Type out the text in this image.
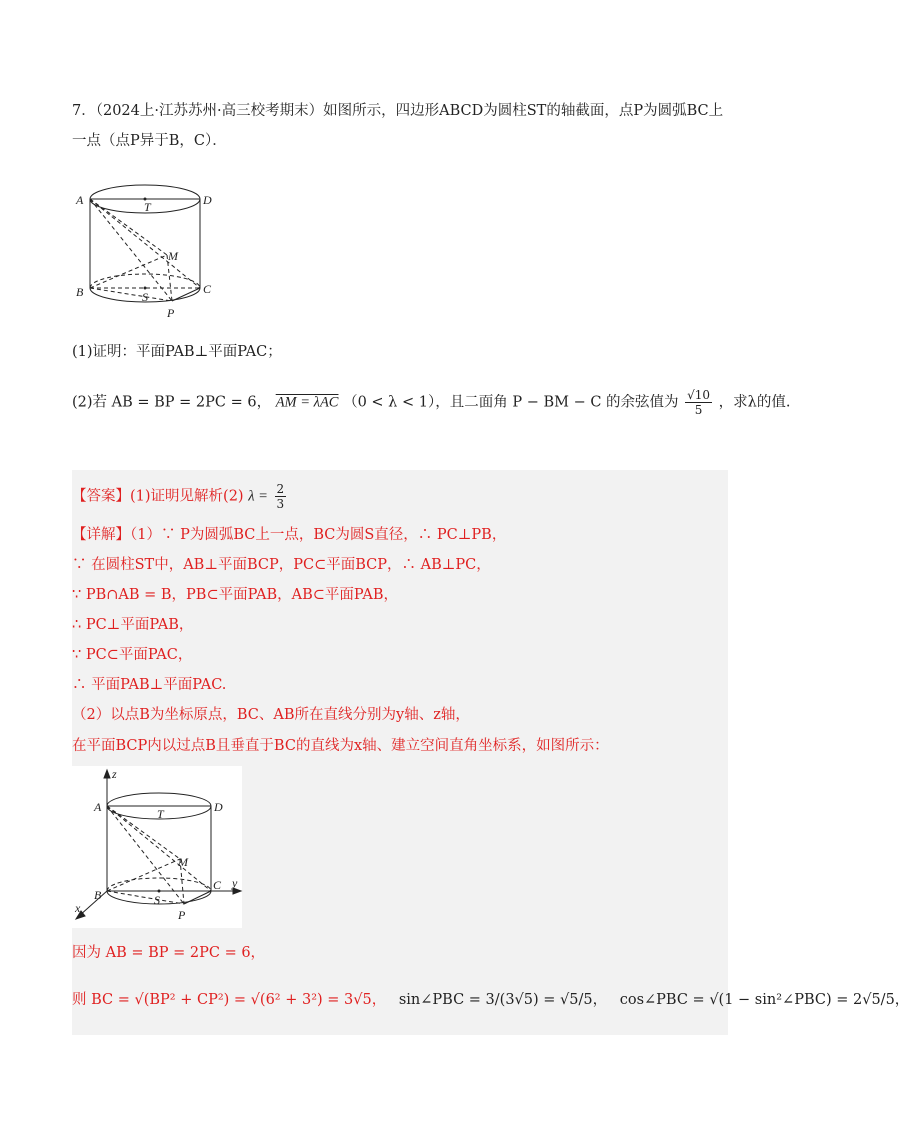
7．（2024上·江苏苏州·高三校考期末）如图所示，四边形ABCD为圆柱ST的轴截面，点P为圆弧BC上
一点（点P异于B，C）．
A	D
T
M
B	C
S
P
(1)证明：平面PAB⊥平面PAC；
(2)若 AB = BP = 2PC = 6， AM = λAC （0 < λ < 1），且二面角 P − BM − C 的余弦值为 $\frac{√10}{5}$ ，求λ的值.
【答案】(1)证明见解析(2) $\lambda = \frac{2}{3}$
【详解】（1）∵ P为圆弧BC上一点，BC为圆S直径，∴ PC⊥PB，
∵ 在圆柱ST中，AB⊥平面BCP，PC⊂平面BCP，∴ AB⊥PC，
∵ PB∩AB = B，PB⊂平面PAB，AB⊂平面PAB，
∴ PC⊥平面PAB，
∵ PC⊂平面PAC，
∴ 平面PAB⊥平面PAC.
（2）以点B为坐标原点，BC、AB所在直线分别为y轴、z轴，
在平面BCP内以过点B且垂直于BC的直线为x轴、建立空间直角坐标系，如图所示：
z
A	D
T
M
B
C y
S
P
x
因为 AB = BP = 2PC = 6，
则 BC = √(BP² + CP²) = √(6² + 3²) = 3√5， sin∠PBC = 3/(3√5) = √5/5， cos∠PBC = √(1 − sin²∠PBC) = 2√5/5，
